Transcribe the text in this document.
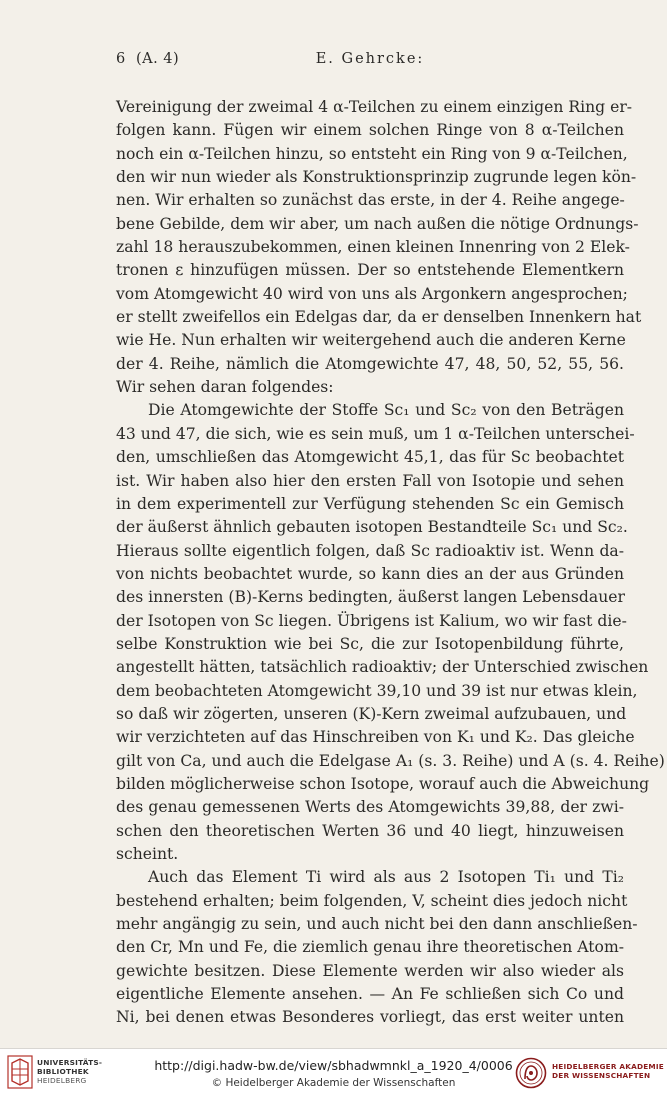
6 (A. 4)	E. Gehrcke:
Vereinigung der zweimal 4 α-Teilchen zu einem einzigen Ring er-
folgen kann. Fügen wir einem solchen Ringe von 8 α-Teilchen
noch ein α-Teilchen hinzu, so entsteht ein Ring von 9 α-Teilchen,
den wir nun wieder als Konstruktionsprinzip zugrunde legen kön-
nen. Wir erhalten so zunächst das erste, in der 4. Reihe angege-
bene Gebilde, dem wir aber, um nach außen die nötige Ordnungs-
zahl 18 herauszubekommen, einen kleinen Innenring von 2 Elek-
tronen ε hinzufügen müssen. Der so entstehende Elementkern
vom Atomgewicht 40 wird von uns als Argonkern angesprochen;
er stellt zweifellos ein Edelgas dar, da er denselben Innenkern hat
wie He. Nun erhalten wir weitergehend auch die anderen Kerne
der 4. Reihe, nämlich die Atomgewichte 47, 48, 50, 52, 55, 56.
Wir sehen daran folgendes:
Die Atomgewichte der Stoffe Sc₁ und Sc₂ von den Beträgen
43 und 47, die sich, wie es sein muß, um 1 α-Teilchen unterschei-
den, umschließen das Atomgewicht 45,1, das für Sc beobachtet
ist. Wir haben also hier den ersten Fall von Isotopie und sehen
in dem experimentell zur Verfügung stehenden Sc ein Gemisch
der äußerst ähnlich gebauten isotopen Bestandteile Sc₁ und Sc₂.
Hieraus sollte eigentlich folgen, daß Sc radioaktiv ist. Wenn da-
von nichts beobachtet wurde, so kann dies an der aus Gründen
des innersten (B)-Kerns bedingten, äußerst langen Lebensdauer
der Isotopen von Sc liegen. Übrigens ist Kalium, wo wir fast die-
selbe Konstruktion wie bei Sc, die zur Isotopenbildung führte,
angestellt hätten, tatsächlich radioaktiv; der Unterschied zwischen
dem beobachteten Atomgewicht 39,10 und 39 ist nur etwas klein,
so daß wir zögerten, unseren (K)-Kern zweimal aufzubauen, und
wir verzichteten auf das Hinschreiben von K₁ und K₂. Das gleiche
gilt von Ca, und auch die Edelgase A₁ (s. 3. Reihe) und A (s. 4. Reihe)
bilden möglicherweise schon Isotope, worauf auch die Abweichung
des genau gemessenen Werts des Atomgewichts 39,88, der zwi-
schen den theoretischen Werten 36 und 40 liegt, hinzuweisen
scheint.
Auch das Element Ti wird als aus 2 Isotopen Ti₁ und Ti₂
bestehend erhalten; beim folgenden, V, scheint dies jedoch nicht
mehr angängig zu sein, und auch nicht bei den dann anschließen-
den Cr, Mn und Fe, die ziemlich genau ihre theoretischen Atom-
gewichte besitzen. Diese Elemente werden wir also wieder als
eigentliche Elemente ansehen. — An Fe schließen sich Co und
Ni, bei denen etwas Besonderes vorliegt, das erst weiter unten
UNIVERSITÄTS-
BIBLIOTHEK
HEIDELBERG
http://digi.hadw-bw.de/view/sbhadwmnkl_a_1920_4/0006
© Heidelberger Akademie der Wissenschaften
HEIDELBERGER AKADEMIE
DER WISSENSCHAFTEN
